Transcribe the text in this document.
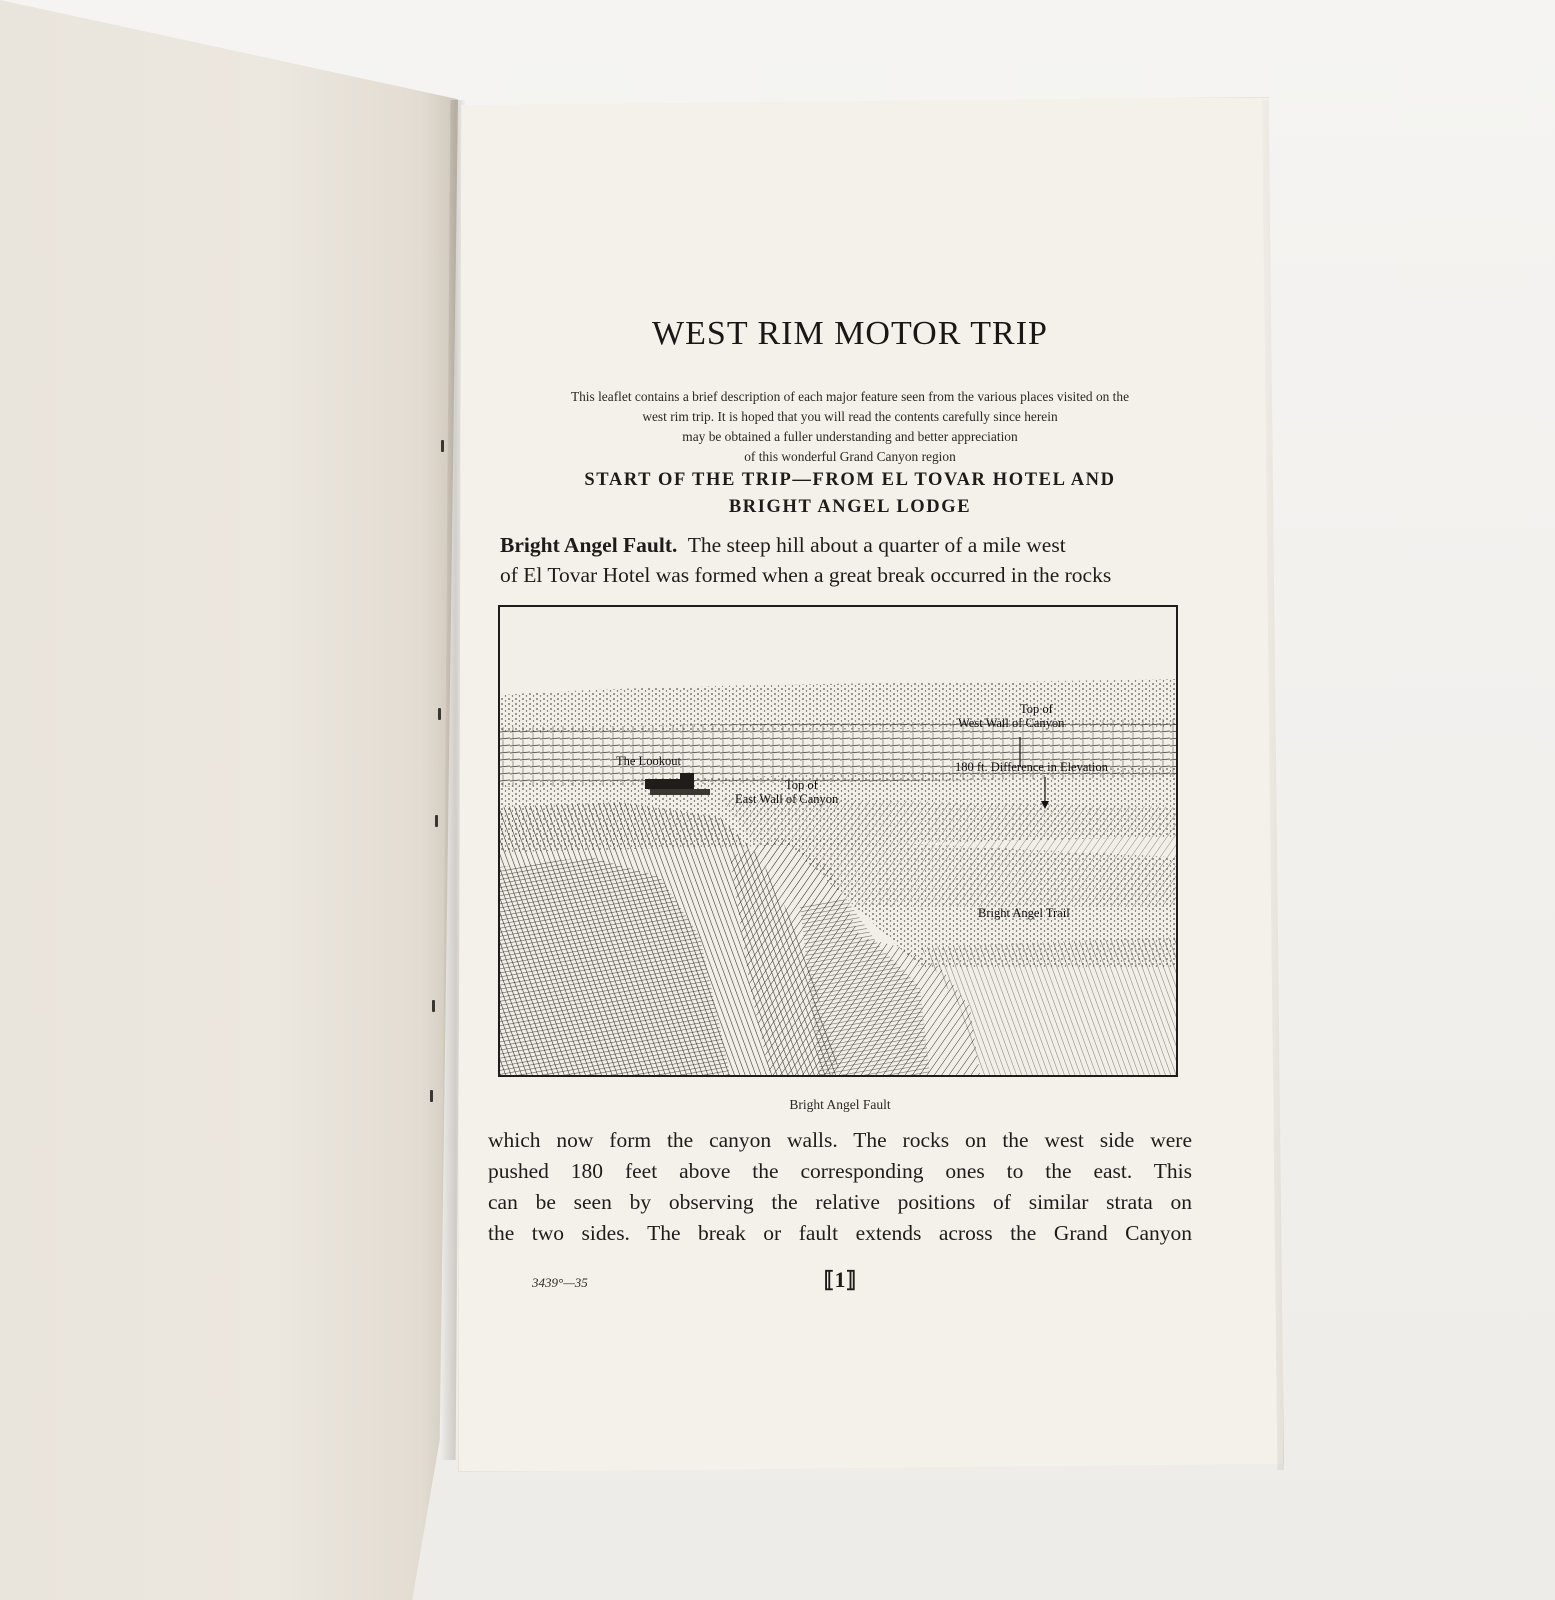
WEST RIM MOTOR TRIP
This leaflet contains a brief description of each major feature seen from the various places visited on the
west rim trip. It is hoped that you will read the contents carefully since herein
may be obtained a fuller understanding and better appreciation
of this wonderful Grand Canyon region
START OF THE TRIP—FROM EL TOVAR HOTEL AND
BRIGHT ANGEL LODGE
Bright Angel Fault.  The steep hill about a quarter of a mile west
of El Tovar Hotel was formed when a great break occurred in the rocks
Top of
West Wall of Canyon
The Lookout	180 ft. Difference in Elevation
Top of
East Wall of Canyon
Bright Angel Trail
Bright Angel Fault
which now form the canyon walls. The rocks on the west side were
pushed 180 feet above the corresponding ones to the east. This
can be seen by observing the relative positions of similar strata on
the two sides. The break or fault extends across the Grand Canyon
3439°—35	⟦1⟧
